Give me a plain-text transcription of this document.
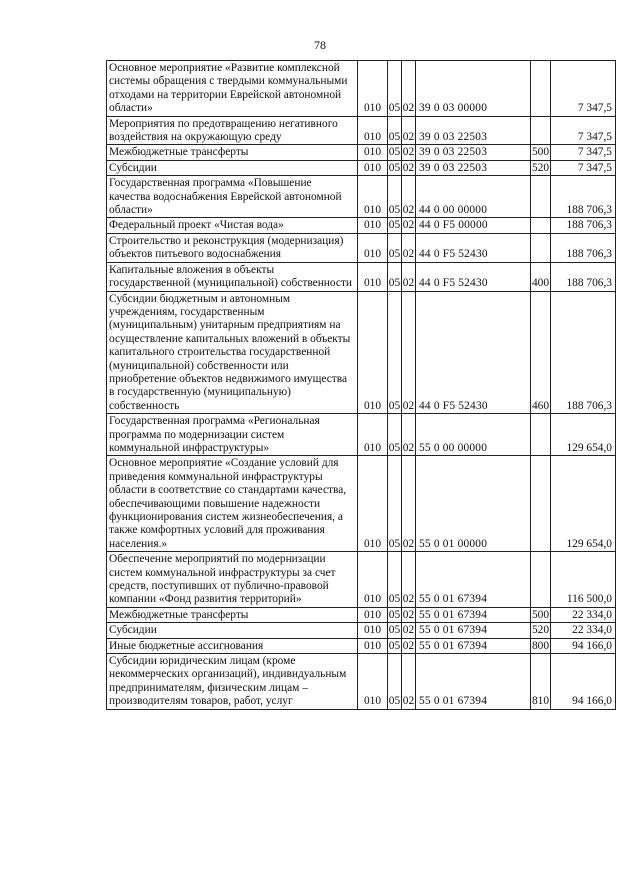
78
Основное мероприятие «Развитие комплексной системы обращения с твердыми коммунальными отходами на территории Еврейской автономной области»	010	05	02	39 0 03 00000		7 347,5
Мероприятия по предотвращению негативного воздействия на окружающую среду	010	05	02	39 0 03 22503		7 347,5
Межбюджетные трансферты	010	05	02	39 0 03 22503	500	7 347,5
Субсидии	010	05	02	39 0 03 22503	520	7 347,5
Государственная программа «Повышение качества водоснабжения Еврейской автономной области»	010	05	02	44 0 00 00000		188 706,3
Федеральный проект «Чистая вода»	010	05	02	44 0 F5 00000		188 706,3
Строительство и реконструкция (модернизация) объектов питьевого водоснабжения	010	05	02	44 0 F5 52430		188 706,3
Капитальные вложения в объекты государственной (муниципальной) собственности	010	05	02	44 0 F5 52430	400	188 706,3
Субсидии бюджетным и автономным учреждениям, государственным (муниципальным) унитарным предприятиям на осуществление капитальных вложений в объекты капитального строительства государственной (муниципальной) собственности или приобретение объектов недвижимого имущества в государственную (муниципальную) собственность	010	05	02	44 0 F5 52430	460	188 706,3
Государственная программа «Региональная программа по модернизации систем коммунальной инфраструктуры»	010	05	02	55 0 00 00000		129 654,0
Основное мероприятие «Создание условий для приведения коммунальной инфраструктуры области в соответствие со стандартами качества, обеспечивающими повышение надежности функционирования систем жизнеобеспечения, а также комфортных условий для проживания населения.»	010	05	02	55 0 01 00000		129 654,0
Обеспечение мероприятий по модернизации систем коммунальной инфраструктуры за счет средств, поступивших от публично-правовой компании «Фонд развития территорий»	010	05	02	55 0 01 67394		116 500,0
Межбюджетные трансферты	010	05	02	55 0 01 67394	500	22 334,0
Субсидии	010	05	02	55 0 01 67394	520	22 334,0
Иные бюджетные ассигнования	010	05	02	55 0 01 67394	800	94 166,0
Субсидии юридическим лицам (кроме некоммерческих организаций), индивидуальным предпринимателям, физическим лицам – производителям товаров, работ, услуг	010	05	02	55 0 01 67394	810	94 166,0
